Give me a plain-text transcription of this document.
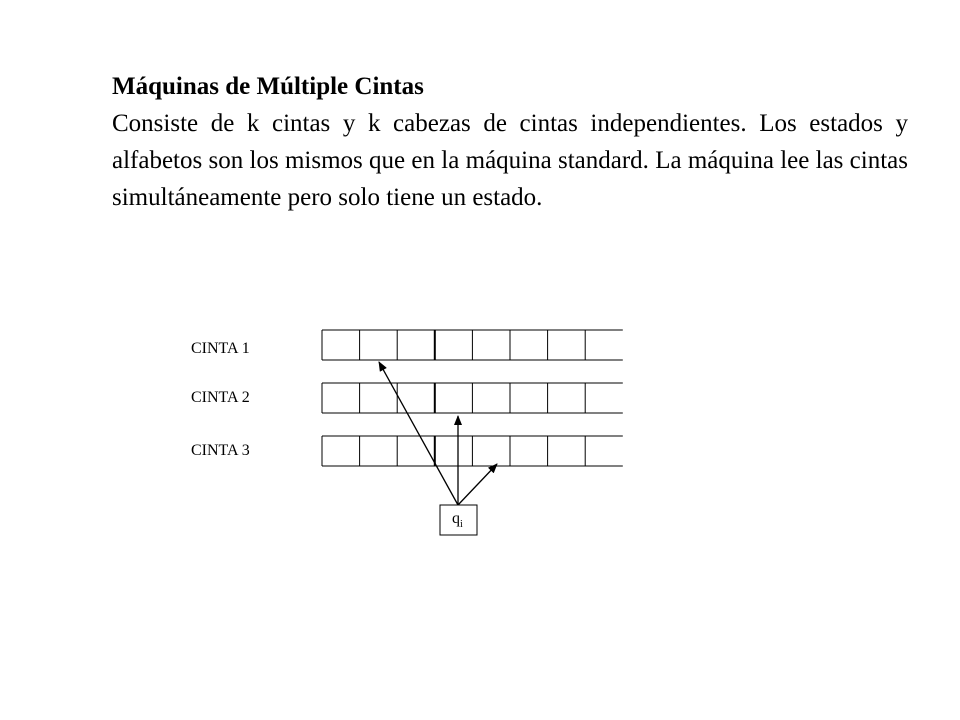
Máquinas de Múltiple Cintas
Consiste de k cintas y k cabezas de cintas independientes. Los estados y alfabetos son los mismos que en la máquina standard. La máquina lee las cintas simultáneamente pero solo tiene un estado.
CINTA 1
CINTA 2
CINTA 3
$q_i$
